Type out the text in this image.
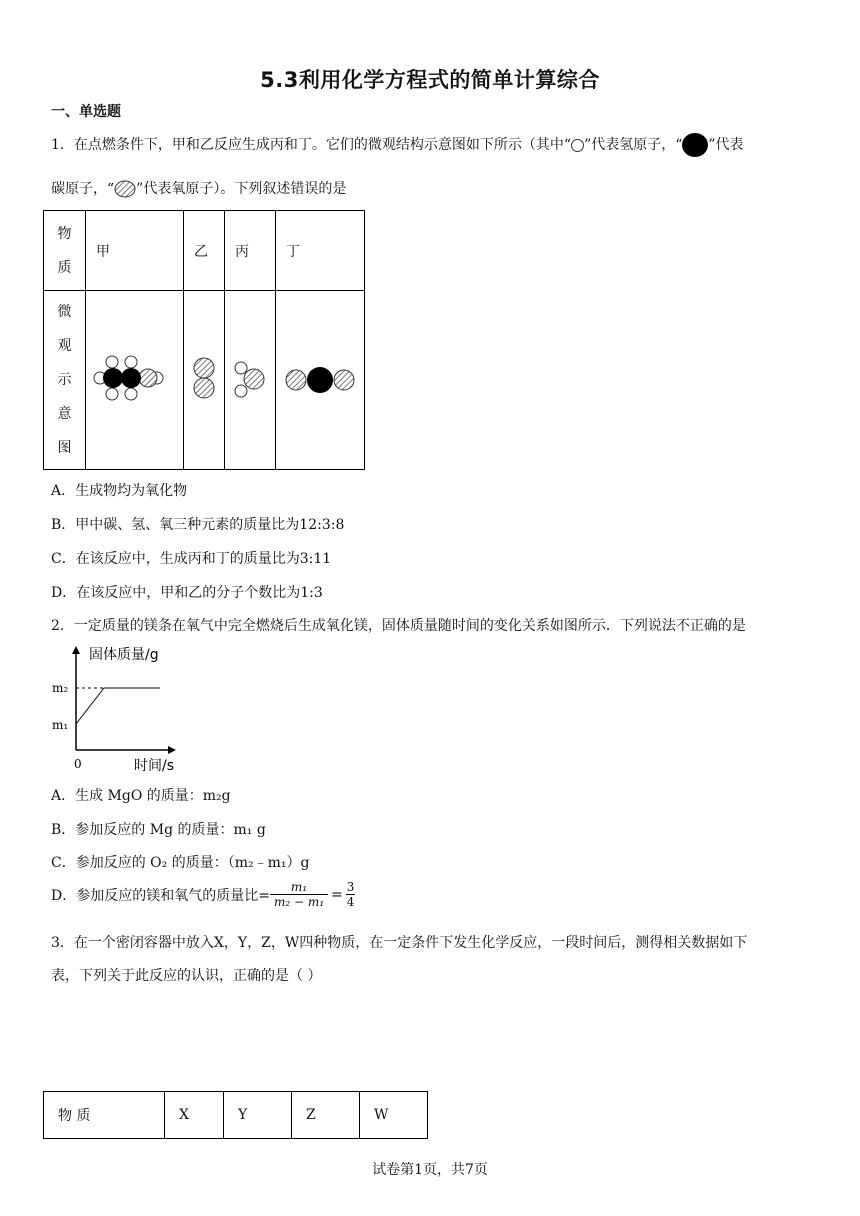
5.3利用化学方程式的简单计算综合
一、单选题
1．在点燃条件下，甲和乙反应生成丙和丁。它们的微观结构示意图如下所示（其中“ ”代表氢原子，“ ”代表
碳原子，“ ”代表氧原子）。下列叙述错误的是
物
质	甲	乙	丙	丁

微
观
示
意
图

A．生成物均为氧化物
B．甲中碳、氢、氧三种元素的质量比为12:3:8
C．在该反应中，生成丙和丁的质量比为3:11
D．在该反应中，甲和乙的分子个数比为1:3
2．一定质量的镁条在氧气中完全燃烧后生成氧化镁，固体质量随时间的变化关系如图所示．下列说法不正确的是
固体质量/g
m₂
m₁
0	时间/s
A．生成 MgO 的质量：m₂g
B．参加反应的 Mg 的质量：m₁ g
C．参加反应的 O₂ 的质量：（m₂﹣m₁）g
D．参加反应的镁和氧气的质量比= $\frac{\text{m₁}}{\text{m₂ − m₁}} = \frac{3}{4}$
3．在一个密闭容器中放入X，Y，Z，W四种物质，在一定条件下发生化学反应，一段时间后，测得相关数据如下
表，下列关于此反应的认识，正确的是（ ）
物 质	X	Y	Z	W
试卷第1页，共7页
